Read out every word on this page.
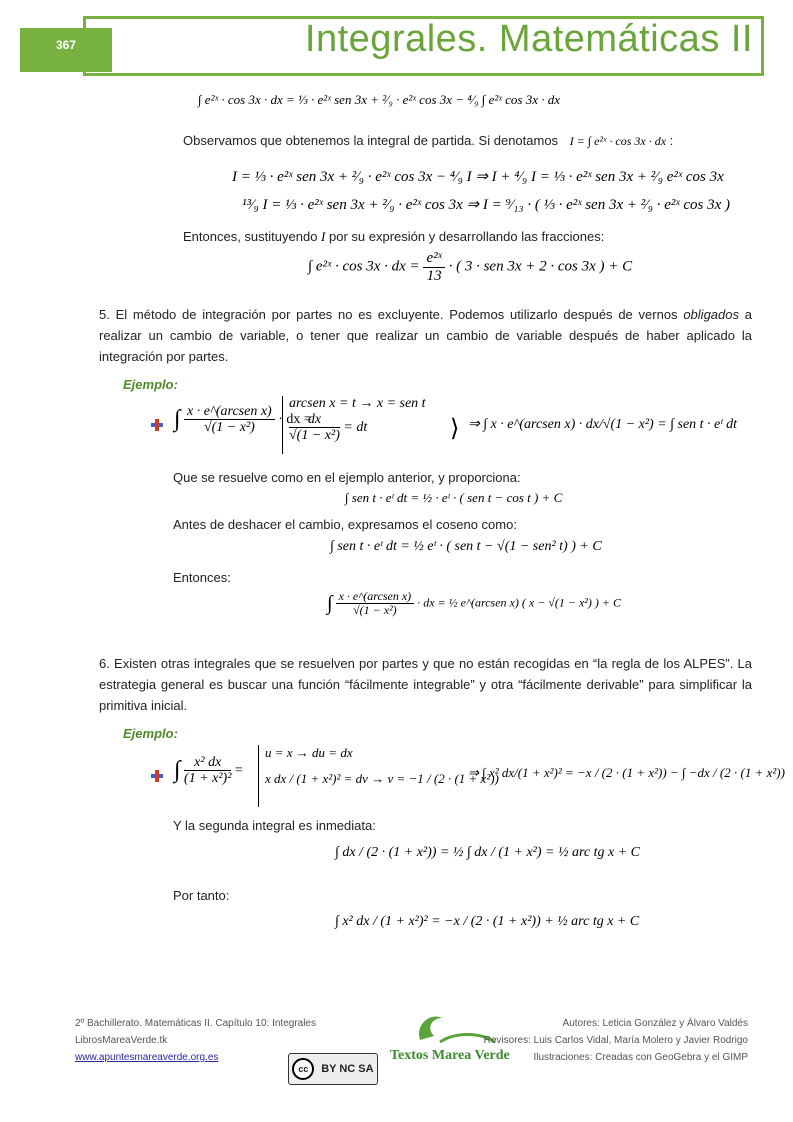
367	Integrales. Matemáticas II
∫ e²ˣ · cos 3x · dx = ⅓ · e²ˣ sen 3x + ²⁄₉ · e²ˣ cos 3x − ⁴⁄₉ ∫ e²ˣ cos 3x · dx
Observamos que obtenemos la integral de partida. Si denotamos I = ∫ e²ˣ · cos 3x · dx :
I = ⅓ · e²ˣ sen 3x + ²⁄₉ · e²ˣ cos 3x − ⁴⁄₉ I ⇒ I + ⁴⁄₉ I = ⅓ · e²ˣ sen 3x + ²⁄₉ e²ˣ cos 3x
¹³⁄₉ I = ⅓ · e²ˣ sen 3x + ²⁄₉ · e²ˣ cos 3x ⇒ I = ⁹⁄₁₃ · ( ⅓ · e²ˣ sen 3x + ²⁄₉ · e²ˣ cos 3x )
Entonces, sustituyendo I por su expresión y desarrollando las fracciones:
∫ e²ˣ · cos 3x · dx = $\frac{\text{e²ˣ}}{13}$ · ( 3 · sen 3x + 2 · cos 3x ) + C
5. El método de integración por partes no es excluyente. Podemos utilizarlo después de vernos obligados a realizar un cambio de variable, o tener que realizar un cambio de variable después de haber aplicado la integración por partes.
Ejemplo:
∫ $\frac{\text{x · e\textasciicircum{}(arcsen x)}}{\text{√(1 − x²)}}$ · dx =
arcsen x = t → x = sen t
$\frac{dx}{\text{√(1 − x²)}}$ = dt	⟩ ⇒ ∫ x · e^(arcsen x) · dx/√(1 − x²) = ∫ sen t · eᵗ dt
Que se resuelve como en el ejemplo anterior, y proporciona:
∫ sen t · eᵗ dt = ½ · eᵗ · ( sen t − cos t ) + C
Antes de deshacer el cambio, expresamos el coseno como:
∫ sen t · eᵗ dt = ½ eᵗ · ( sen t − √(1 − sen² t) ) + C
Entonces:
∫ $\frac{\text{x · e\textasciicircum{}(arcsen x)}}{\text{√(1 − x²)}}$ · dx = ½ e^(arcsen x) ( x − √(1 − x²) ) + C
6. Existen otras integrales que se resuelven por partes y que no están recogidas en “la regla de los ALPES”. La estrategia general es buscar una función “fácilmente integrable” y otra “fácilmente derivable” para simplificar la primitiva inicial.
Ejemplo:
∫ $\frac{\text{x² dx}}{\text{(1 + x²)²}}$ =
u = x → du = dx
x dx / (1 + x²)² = dv → v = −1 / (2 · (1 + x²))
⇒ ∫ x² dx/(1 + x²)² = −x / (2 · (1 + x²)) − ∫ −dx / (2 · (1 + x²))
Y la segunda integral es inmediata:
∫ dx / (2 · (1 + x²)) = ½ ∫ dx / (1 + x²) = ½ arc tg x + C
Por tanto:
∫ x² dx / (1 + x²)² = −x / (2 · (1 + x²)) + ½ arc tg x + C
2º Bachillerato. Matemáticas II. Capítulo 10: Integrales
LibrosMareaVerde.tk
www.apuntesmareaverde.org.es	Textos Marea Verde
cc	BY NC SA
Autores: Leticia González y Álvaro Valdés
Revisores: Luis Carlos Vidal, María Molero y Javier Rodrigo
Ilustraciones: Creadas con GeoGebra y el GIMP
